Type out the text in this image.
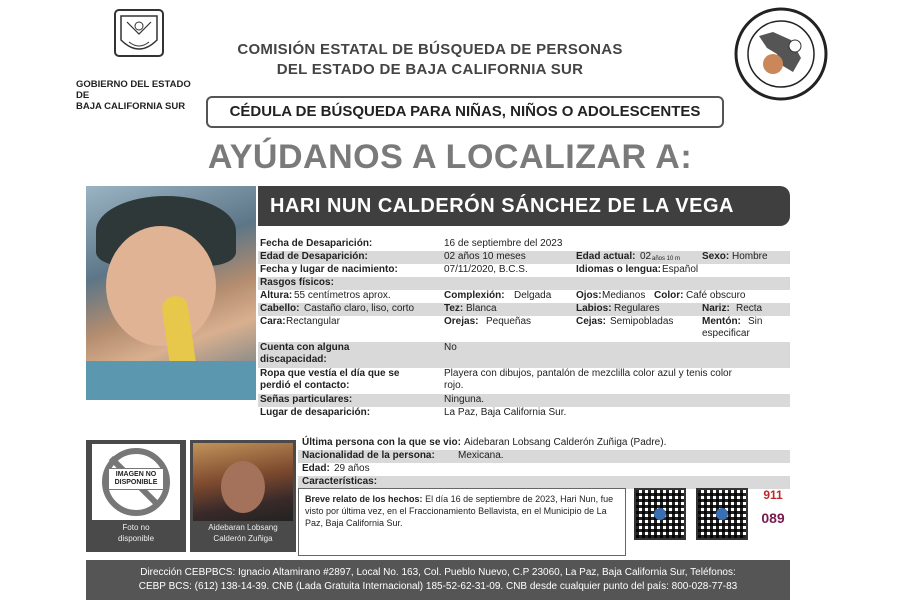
GOBIERNO DEL ESTADO DE
BAJA CALIFORNIA SUR
COMISIÓN ESTATAL DE BÚSQUEDA DE PERSONAS
DEL ESTADO DE BAJA CALIFORNIA SUR
CÉDULA DE BÚSQUEDA PARA NIÑAS, NIÑOS O ADOLESCENTES
AYÚDANOS A LOCALIZAR A:
HARI NUN CALDERÓN SÁNCHEZ DE LA VEGA
Fecha de Desaparición:	16 de septiembre del 2023
Edad de Desaparición:	02 años 10 meses	Edad actual: 02 años 10 m Sexo: Hombre
Fecha y lugar de nacimiento:	07/11/2020, B.C.S.	Idiomas o lengua: Español
Rasgos físicos:
Altura: 55 centímetros aprox.	Complexión: Delgada Ojos: Medianos Color: Café obscuro
Cabello: Castaño claro, liso, corto	Tez: Blanca	Labios: Regulares	Nariz: Recta
Cara: Rectangular	Orejas: Pequeñas	Cejas: Semipobladas	Mentón: Sin
especificar
Cuenta con alguna
discapacidad:
No
Ropa que vestía el día que se
perdió el contacto:
Playera con dibujos, pantalón de mezclilla color azul y tenis color
rojo.
Señas particulares:	Ninguna.
Lugar de desaparición:	La Paz, Baja California Sur.
IMAGEN NO
DISPONIBLE
Foto no
disponible
Aidebaran Lobsang
Calderón Zuñiga
Última persona con la que se vio: Aidebaran Lobsang Calderón Zuñiga (Padre).
Nacionalidad de la persona: Mexicana.
Edad: 29 años
Características:
Breve relato de los hechos: El día 16 de septiembre de 2023, Hari Nun, fue visto por última vez, en el Fraccionamiento Bellavista, en el Municipio de La Paz, Baja California Sur.
911
089
Dirección CEBPBCS: Ignacio Altamirano #2897, Local No. 163, Col. Pueblo Nuevo, C.P 23060, La Paz, Baja California Sur, Teléfonos:
CEBP BCS: (612) 138-14-39. CNB (Lada Gratuita Internacional) 185-52-62-31-09. CNB desde cualquier punto del país: 800-028-77-83
